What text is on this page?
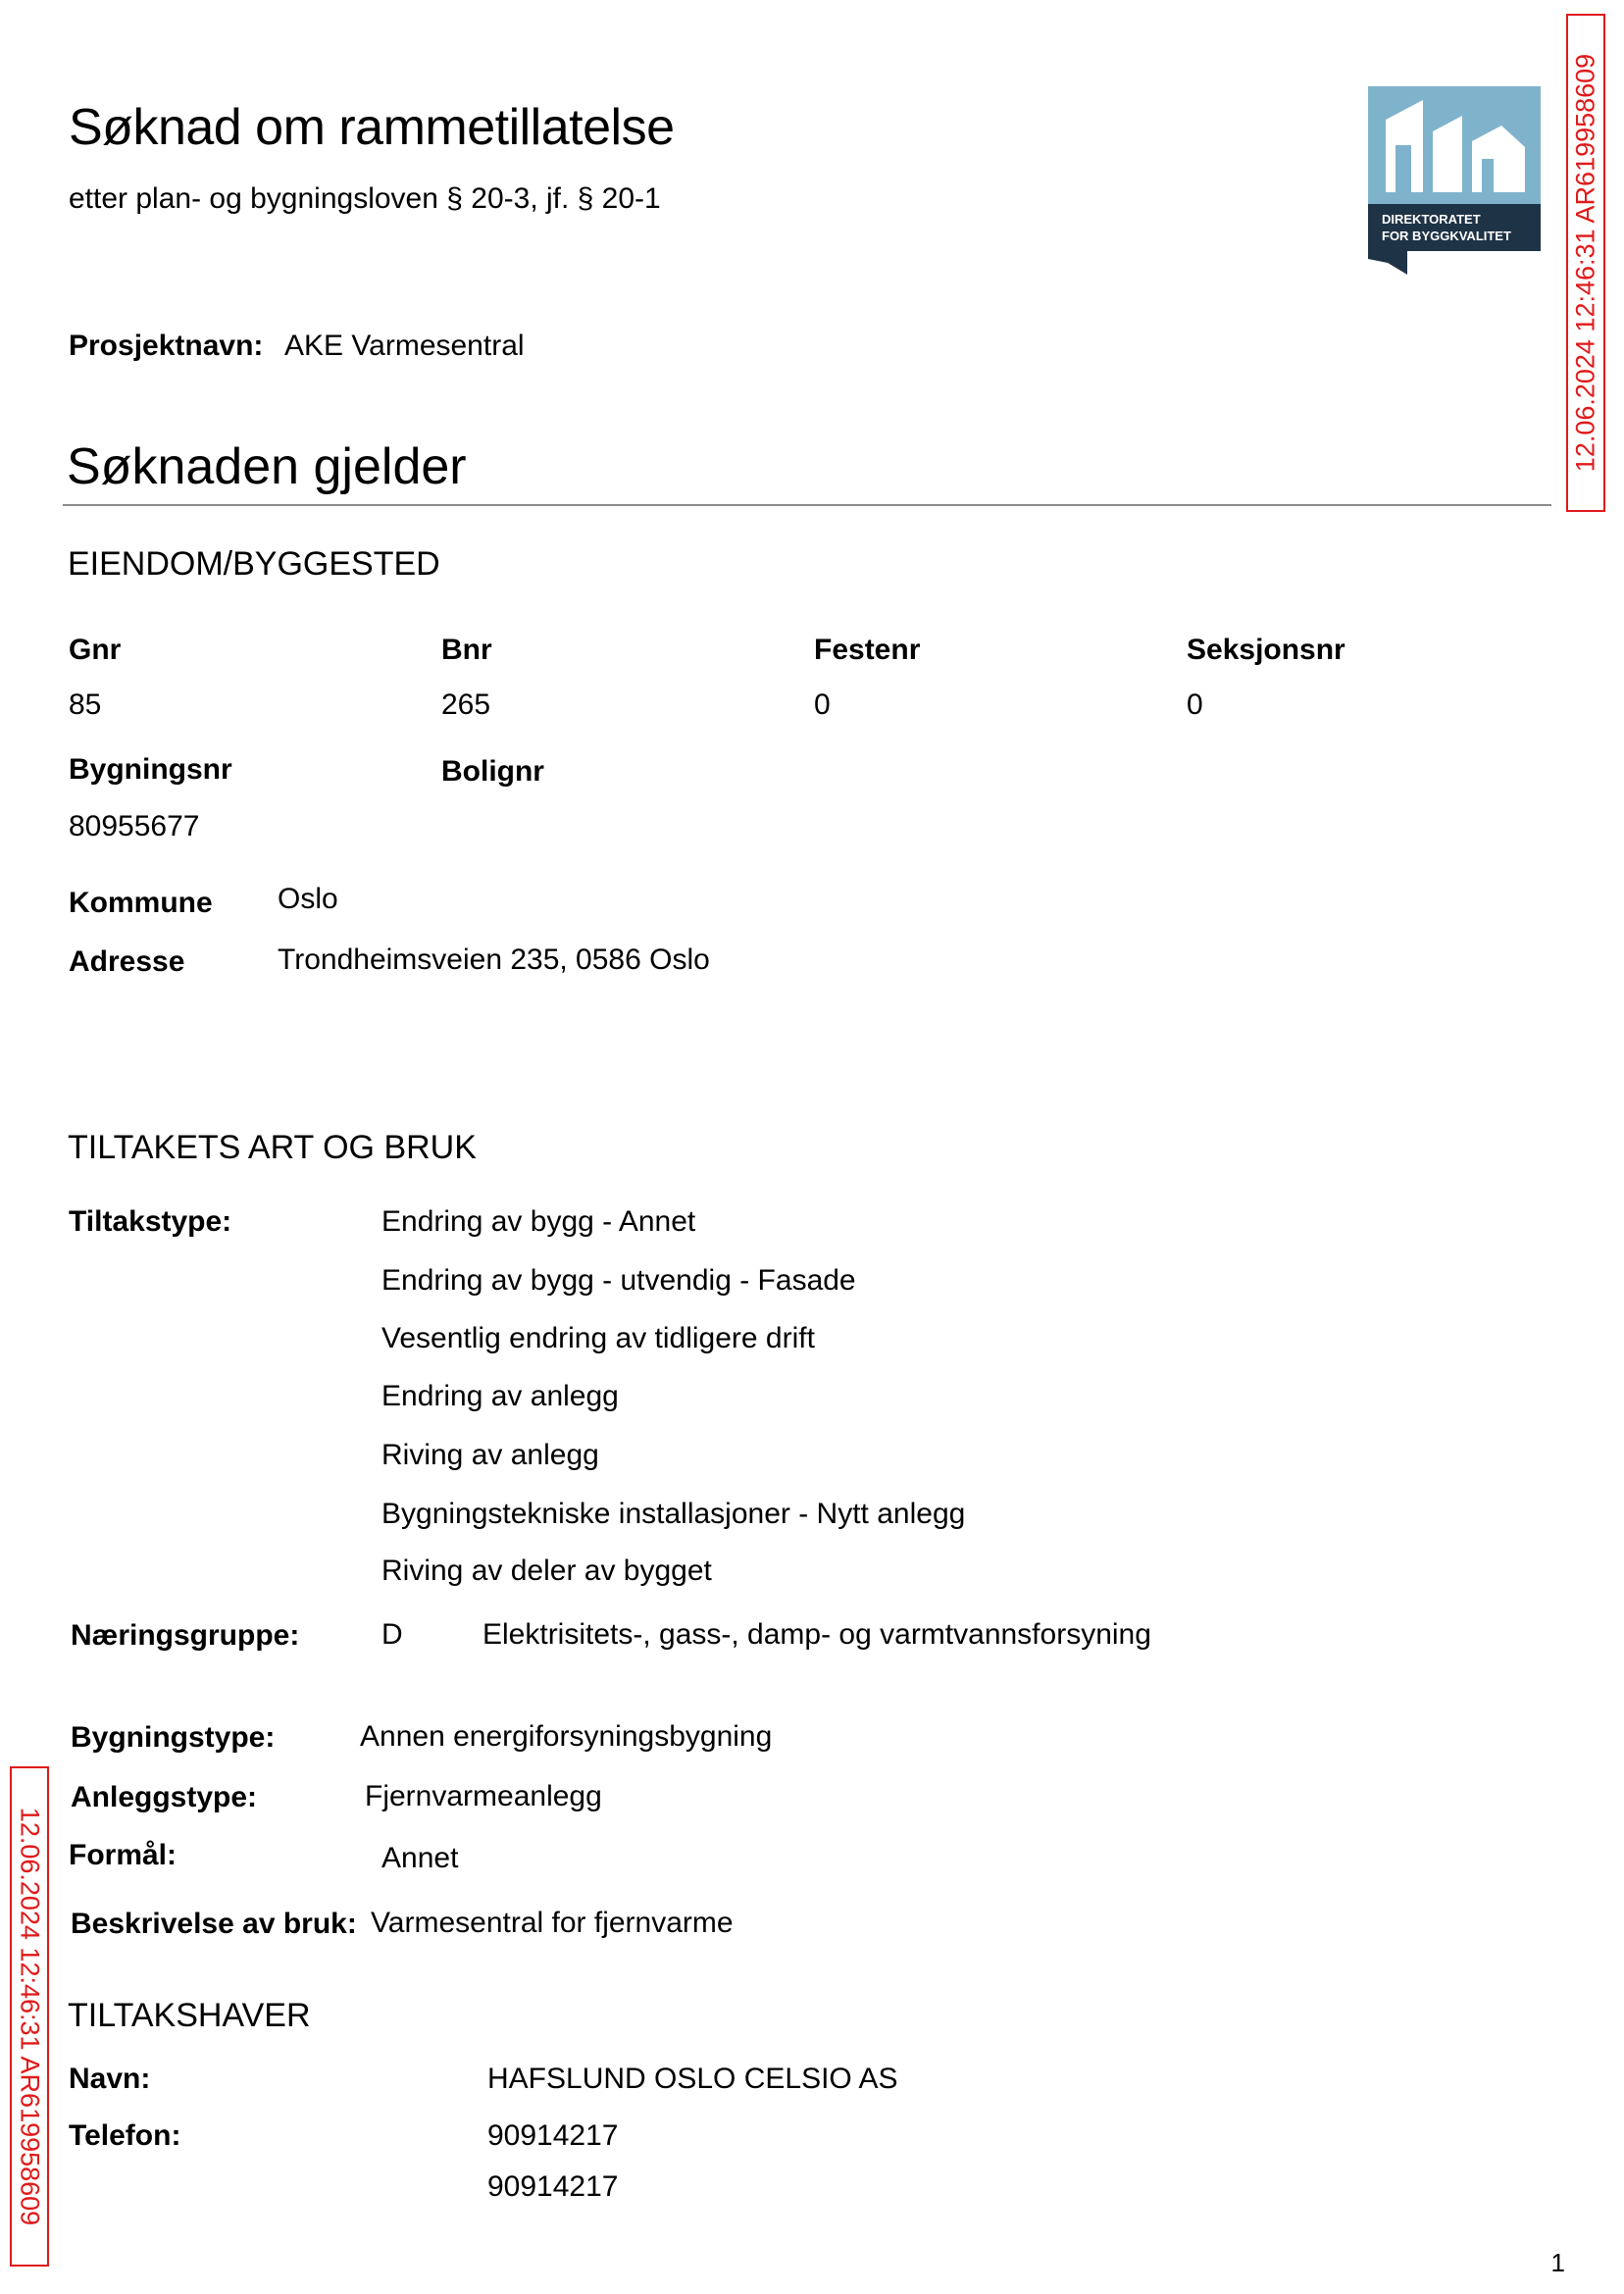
Søknad om rammetillatelse
etter plan- og bygningsloven § 20-3, jf. § 20-1
DIREKTORATET
FOR BYGGKVALITET 12.06.2024 12:46:31 AR619958609
Prosjektnavn: AKE Varmesentral
Søknaden gjelder
EIENDOM/BYGGESTED
Gnr	Bnr	Festenr	Seksjonsnr
85	265	0	0
Bygningsnr	Bolignr
80955677
Kommune Oslo
Adresse	Trondheimsveien 235, 0586 Oslo
TILTAKETS ART OG BRUK
Tiltakstype:	Endring av bygg - Annet
Endring av bygg - utvendig - Fasade
Vesentlig endring av tidligere drift
Endring av anlegg
Riving av anlegg
Bygningstekniske installasjoner - Nytt anlegg
Riving av deler av bygget
Næringsgruppe:	D	Elektrisitets-, gass-, damp- og varmtvannsforsyning
Bygningstype:	Annen energiforsyningsbygning
Anleggstype:	Fjernvarmeanlegg
Formål:	Annet
Beskrivelse av bruk: Varmesentral for fjernvarme
12.06.2024 12:46:31 AR619958609 TILTAKSHAVER
Navn:	HAFSLUND OSLO CELSIO AS
Telefon:	90914217
90914217
1
